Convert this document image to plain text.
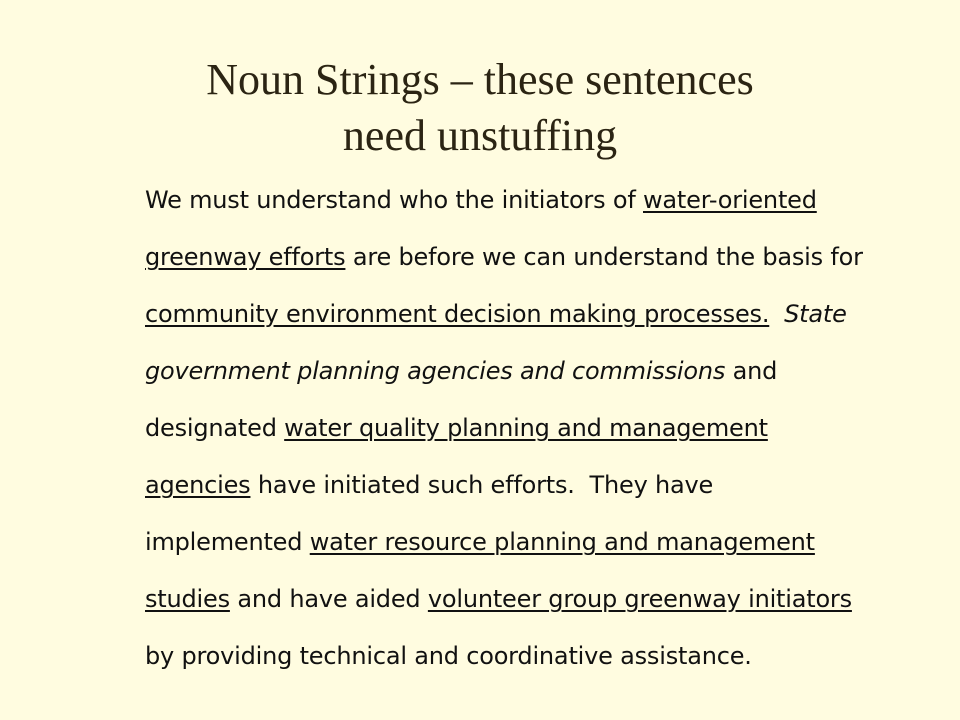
Noun Strings – these sentences
need unstuffing
We must understand who the initiators of water-oriented
greenway efforts are before we can understand the basis for
community environment decision making processes. State
government planning agencies and commissions and
designated water quality planning and management
agencies have initiated such efforts.  They have
implemented water resource planning and management
studies and have aided volunteer group greenway initiators
by providing technical and coordinative assistance.
